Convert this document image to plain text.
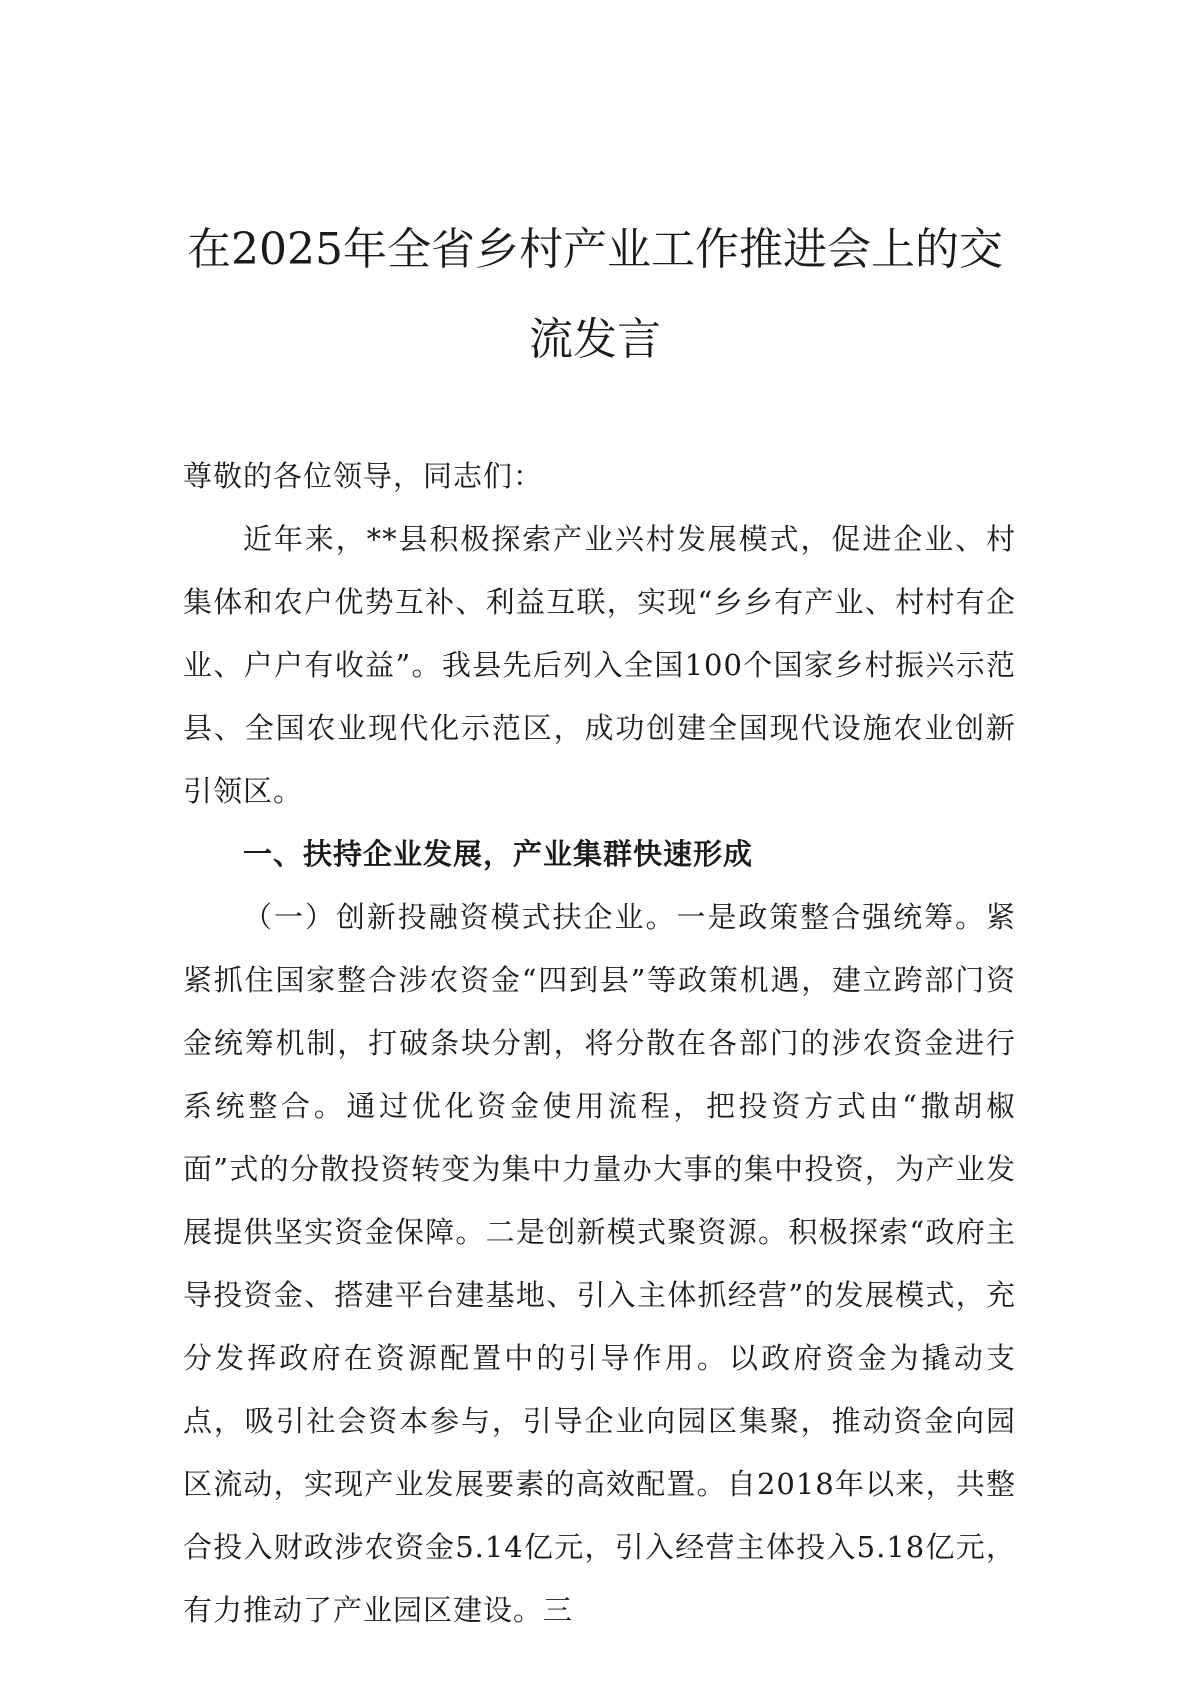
在2025年全省乡村产业工作推进会上的交
流发言

尊敬的各位领导，同志们：

近年来，**县积极探索产业兴村发展模式，促进企业、村集体和农户优势互补、利益互联，实现“乡乡有产业、村村有企业、户户有收益”。我县先后列入全国100个国家乡村振兴示范县、全国农业现代化示范区，成功创建全国现代设施农业创新引领区。

一、扶持企业发展，产业集群快速形成

（一）创新投融资模式扶企业。一是政策整合强统筹。紧紧抓住国家整合涉农资金“四到县”等政策机遇，建立跨部门资金统筹机制，打破条块分割，将分散在各部门的涉农资金进行系统整合。通过优化资金使用流程，把投资方式由“撒胡椒面”式的分散投资转变为集中力量办大事的集中投资，为产业发展提供坚实资金保障。二是创新模式聚资源。积极探索“政府主导投资金、搭建平台建基地、引入主体抓经营”的发展模式，充分发挥政府在资源配置中的引导作用。以政府资金为撬动支点，吸引社会资本参与，引导企业向园区集聚，推动资金向园区流动，实现产业发展要素的高效配置。自2018年以来，共整合投入财政涉农资金5.14亿元，引入经营主体投入5.18亿元，有力推动了产业园区建设。三
